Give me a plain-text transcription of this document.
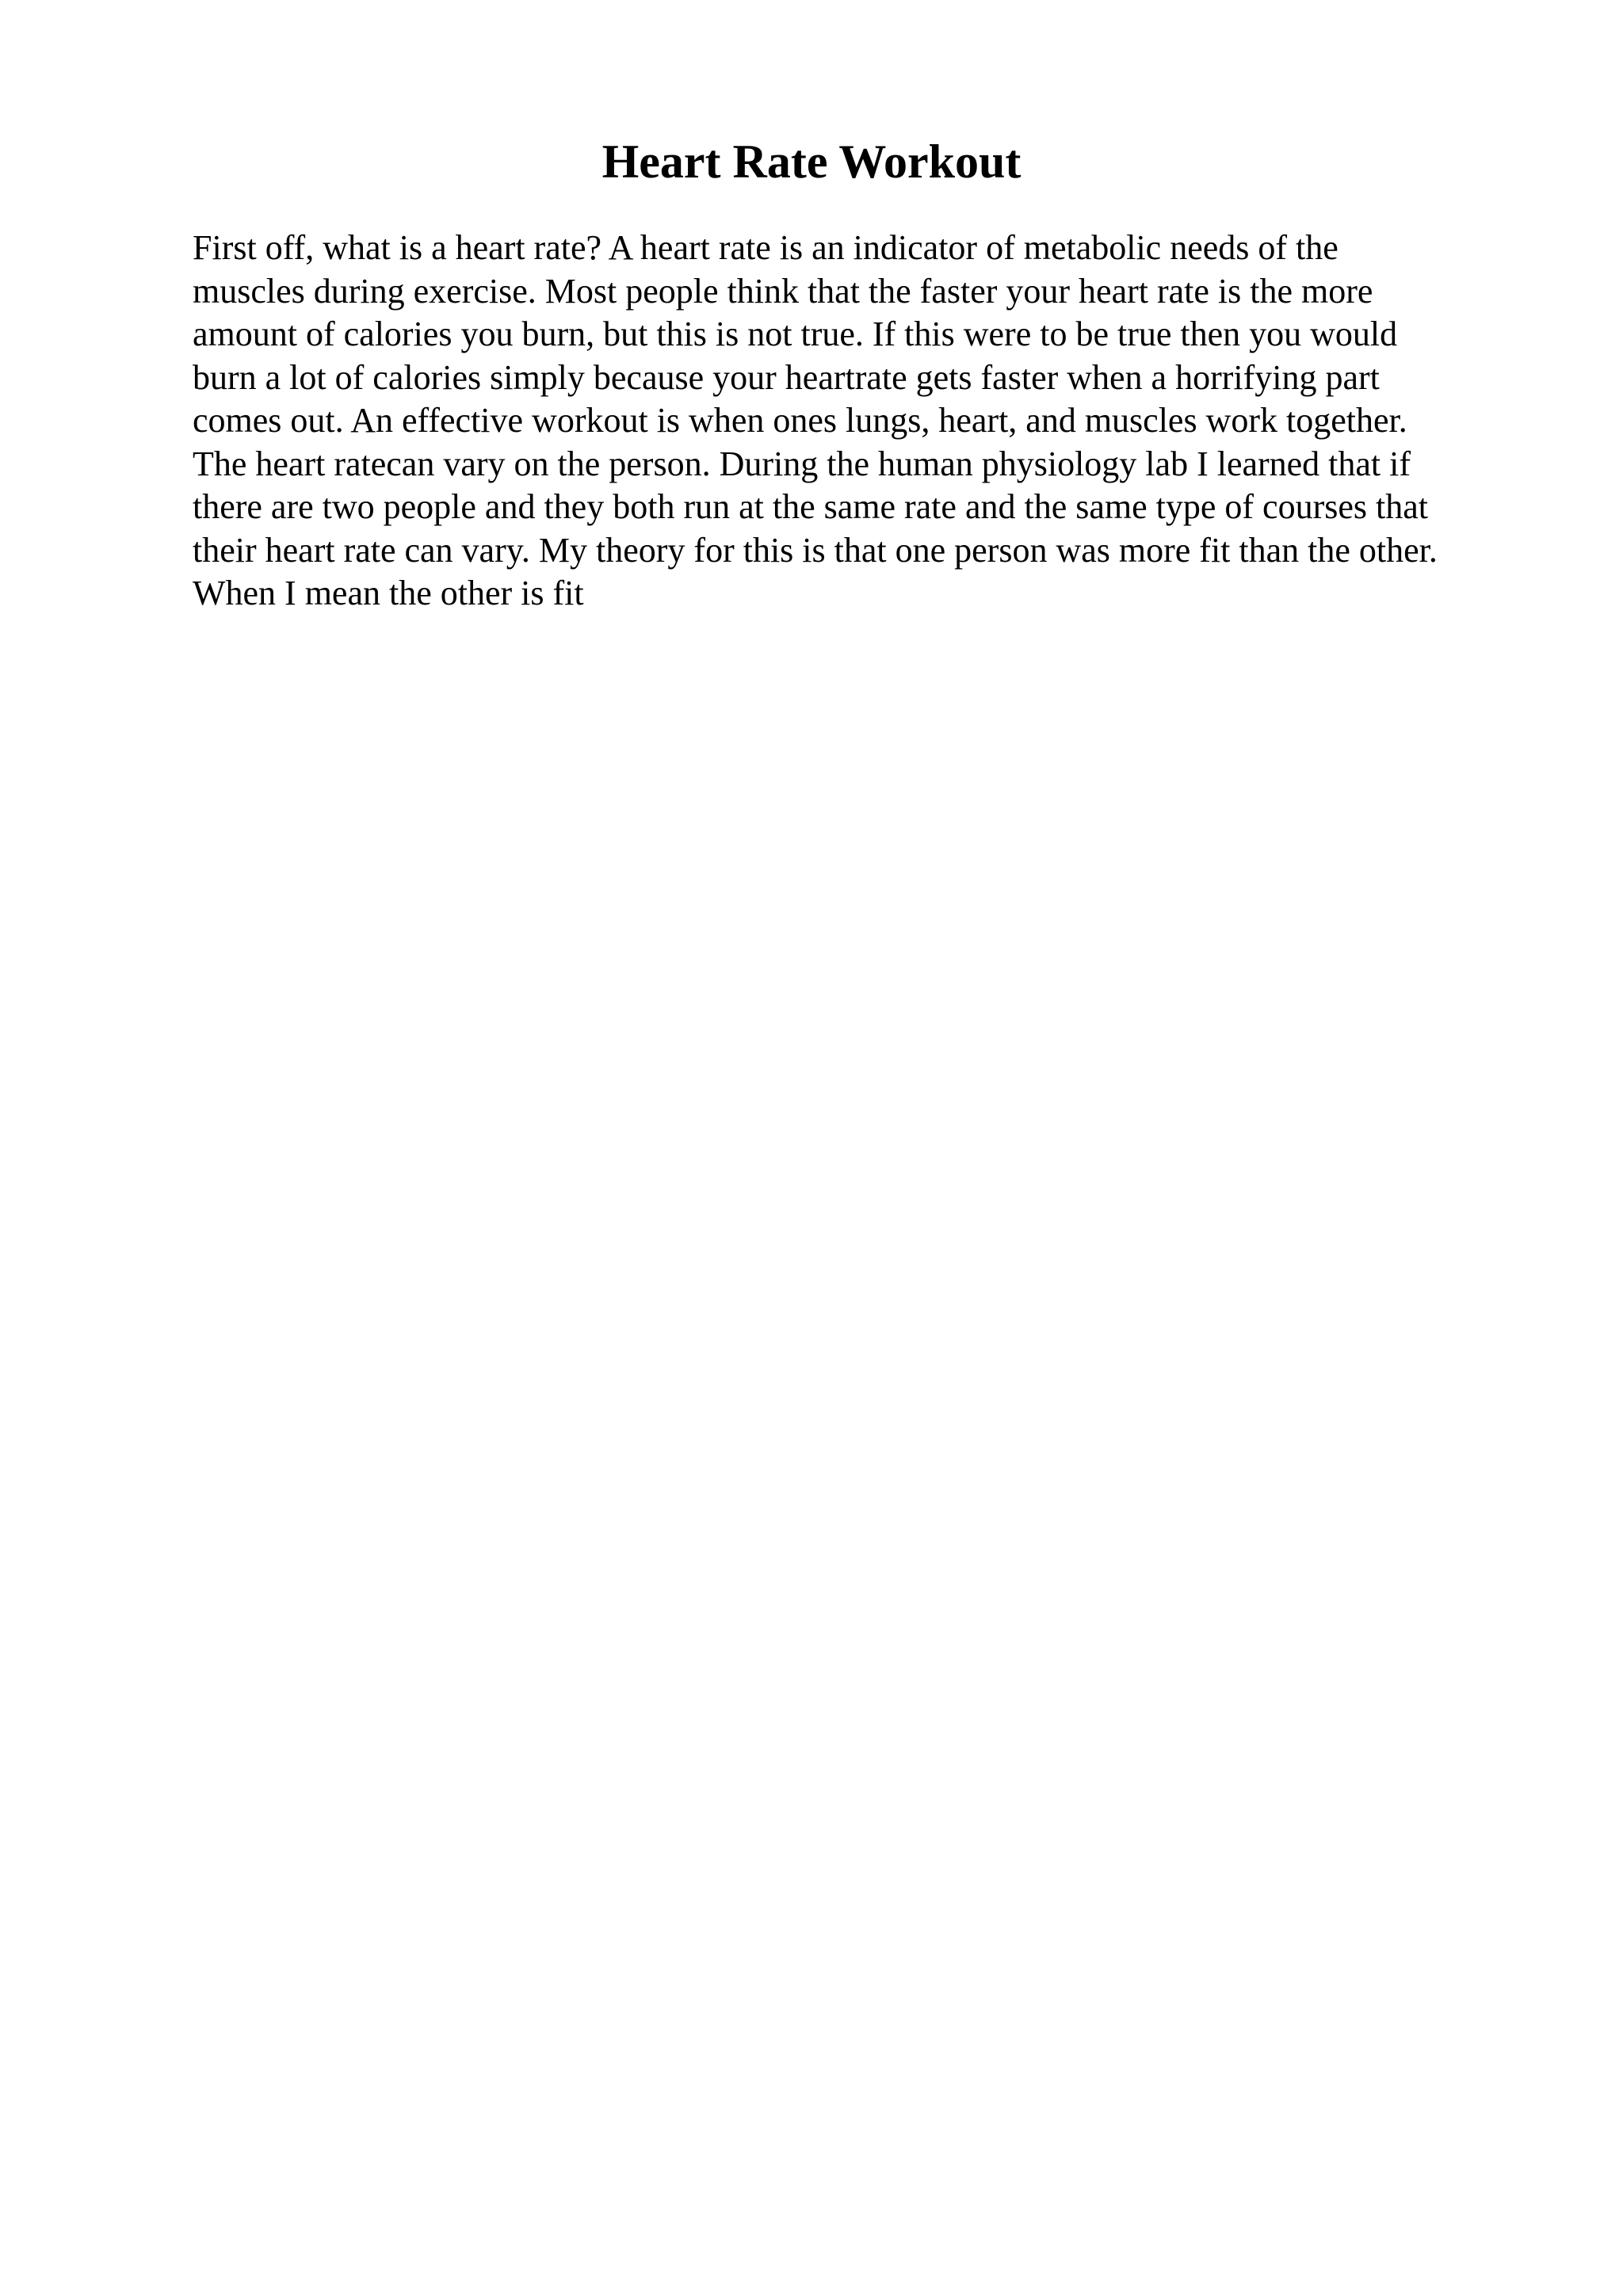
Heart Rate Workout
First off, what is a heart rate? A heart rate is an indicator of metabolic needs of the
muscles during exercise. Most people think that the faster your heart rate is the more
amount of calories you burn, but this is not true. If this were to be true then you would
burn a lot of calories simply because your heartrate gets faster when a horrifying part
comes out. An effective workout is when ones lungs, heart, and muscles work together.
The heart ratecan vary on the person. During the human physiology lab I learned that if
there are two people and they both run at the same rate and the same type of courses that
their heart rate can vary. My theory for this is that one person was more fit than the other.
When I mean the other is fit
